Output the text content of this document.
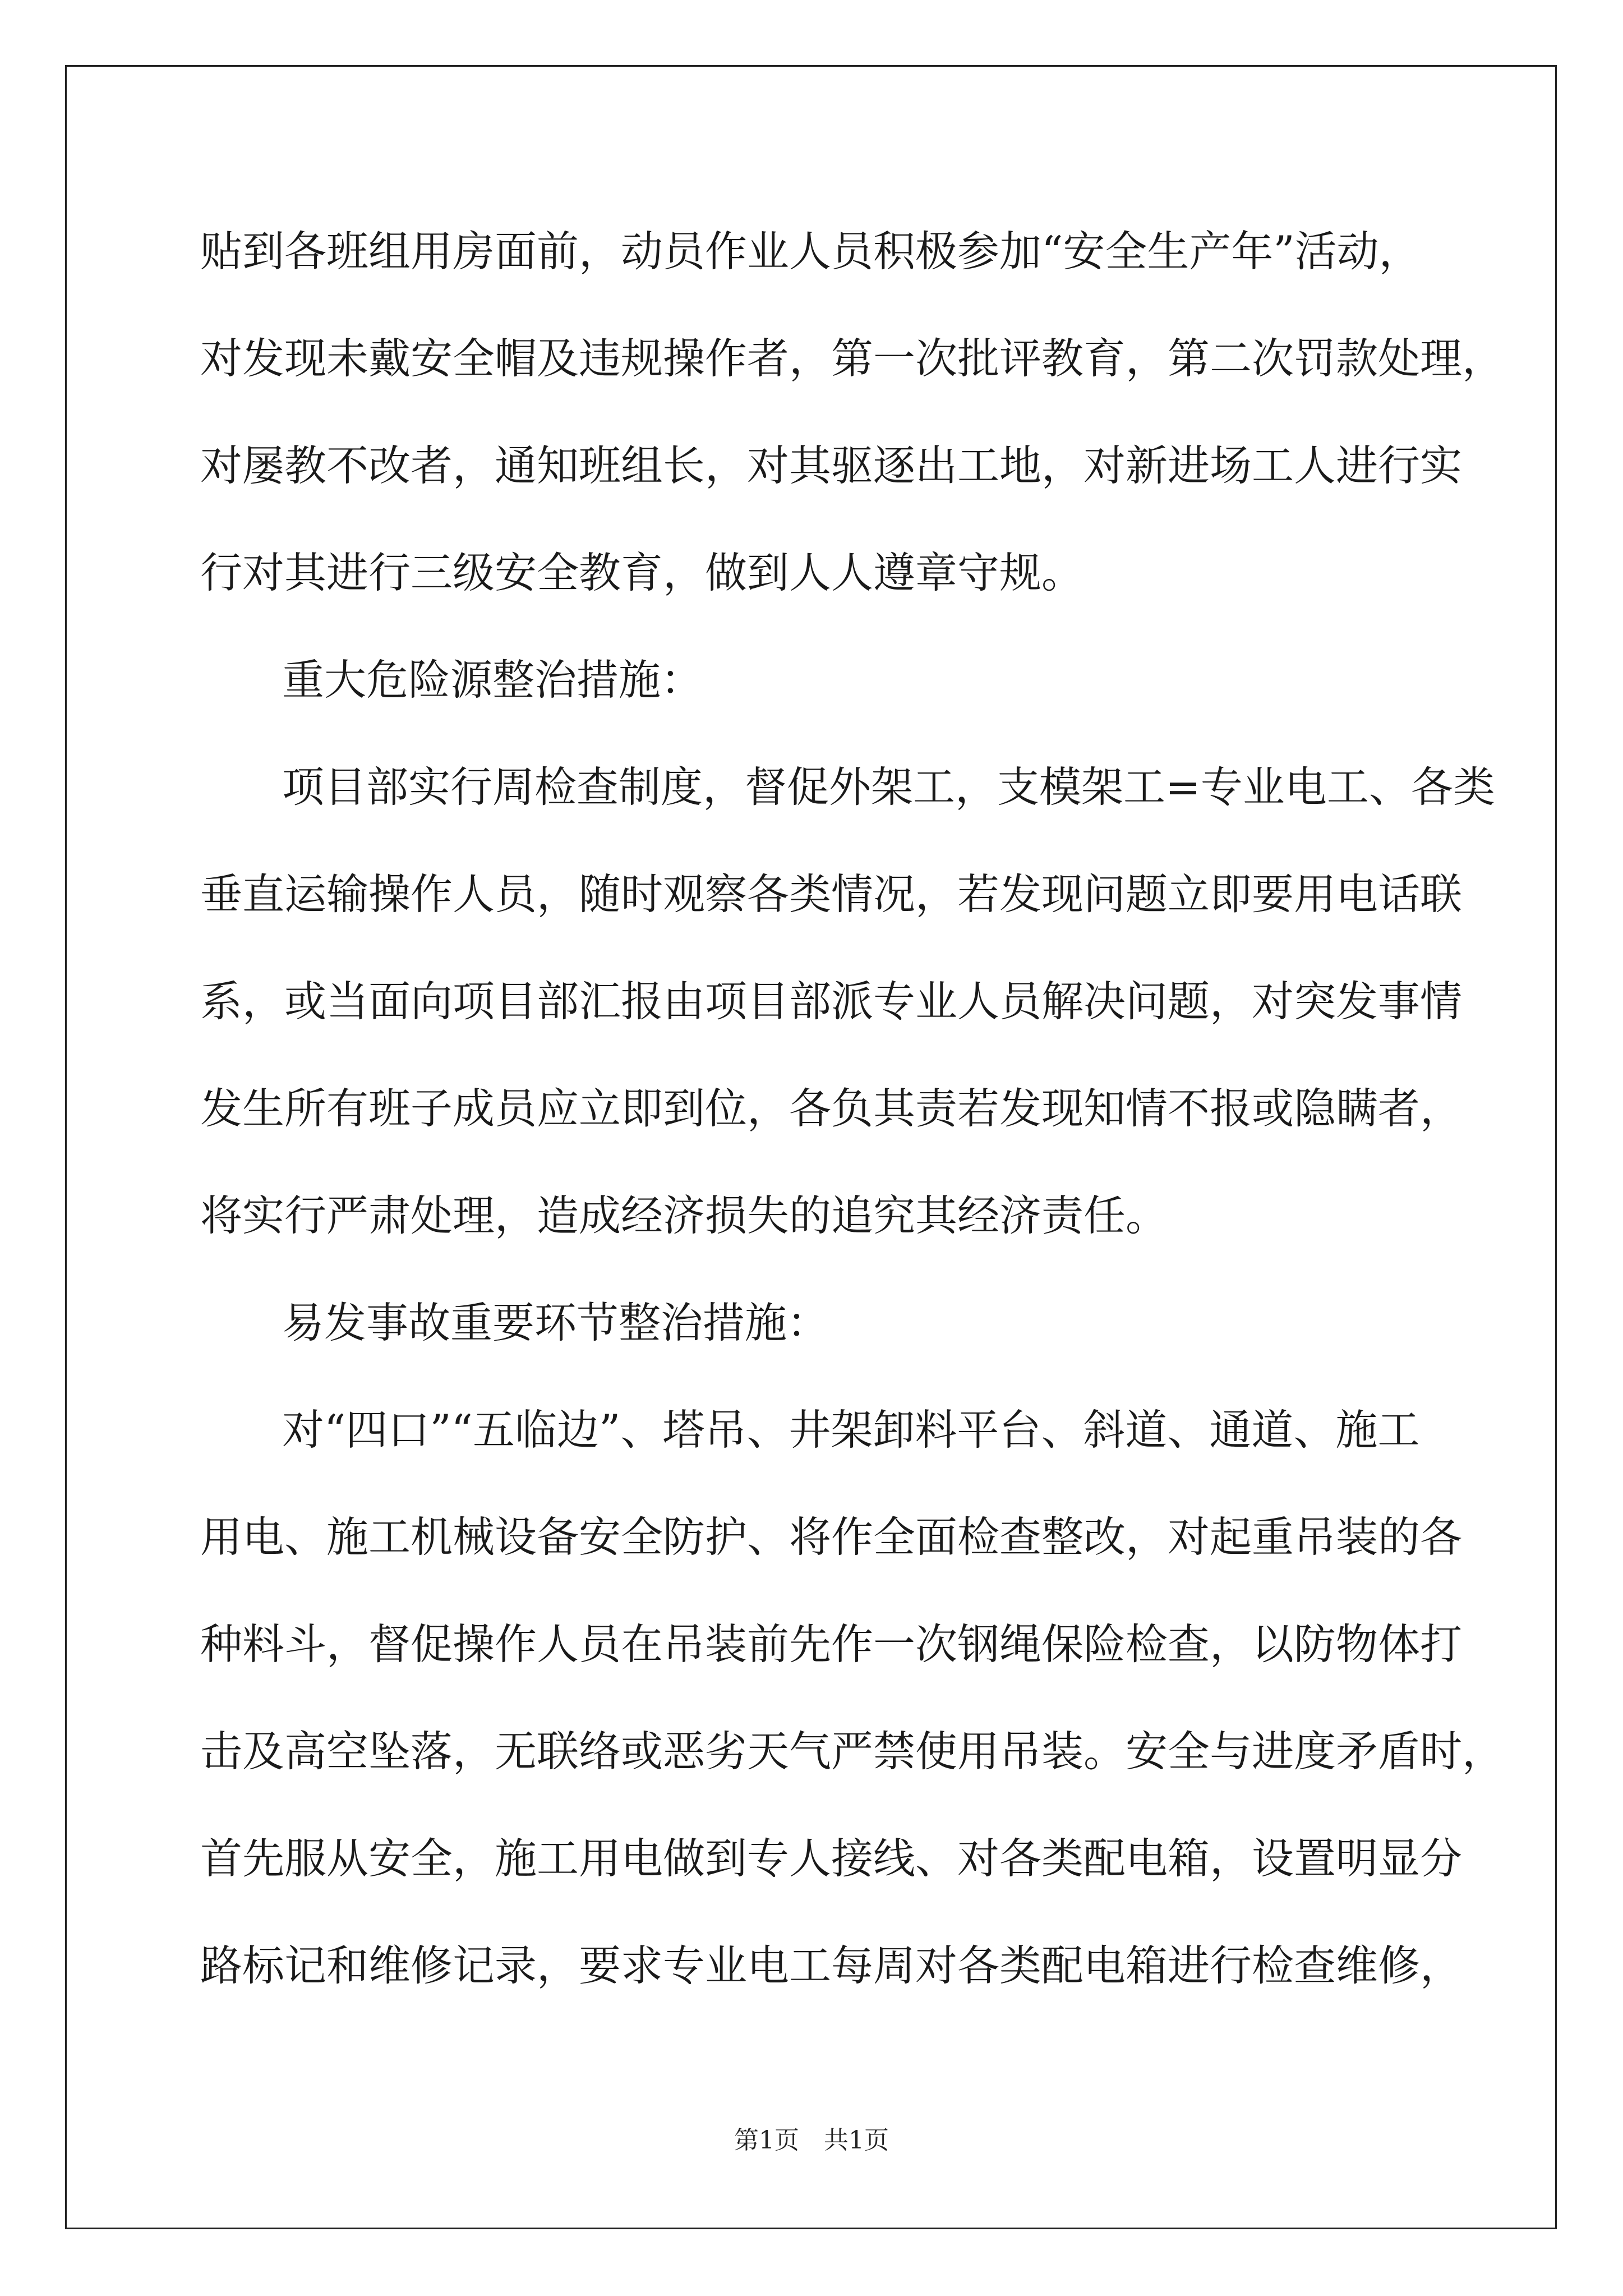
贴到各班组用房面前，动员作业人员积极参加“安全生产年”活动，
对发现未戴安全帽及违规操作者，第一次批评教育，第二次罚款处理，
对屡教不改者，通知班组长，对其驱逐出工地，对新进场工人进行实
行对其进行三级安全教育，做到人人遵章守规。
重大危险源整治措施：
项目部实行周检查制度，督促外架工，支模架工=专业电工、各类
垂直运输操作人员，随时观察各类情况，若发现问题立即要用电话联
系，或当面向项目部汇报由项目部派专业人员解决问题，对突发事情
发生所有班子成员应立即到位，各负其责若发现知情不报或隐瞒者，
将实行严肃处理，造成经济损失的追究其经济责任。
易发事故重要环节整治措施：
对“四口”“五临边”、塔吊、井架卸料平台、斜道、通道、施工
用电、施工机械设备安全防护、将作全面检查整改，对起重吊装的各
种料斗，督促操作人员在吊装前先作一次钢绳保险检查，以防物体打
击及高空坠落，无联络或恶劣天气严禁使用吊装。安全与进度矛盾时，
首先服从安全，施工用电做到专人接线、对各类配电箱，设置明显分
路标记和维修记录，要求专业电工每周对各类配电箱进行检查维修，
第1页　共1页
